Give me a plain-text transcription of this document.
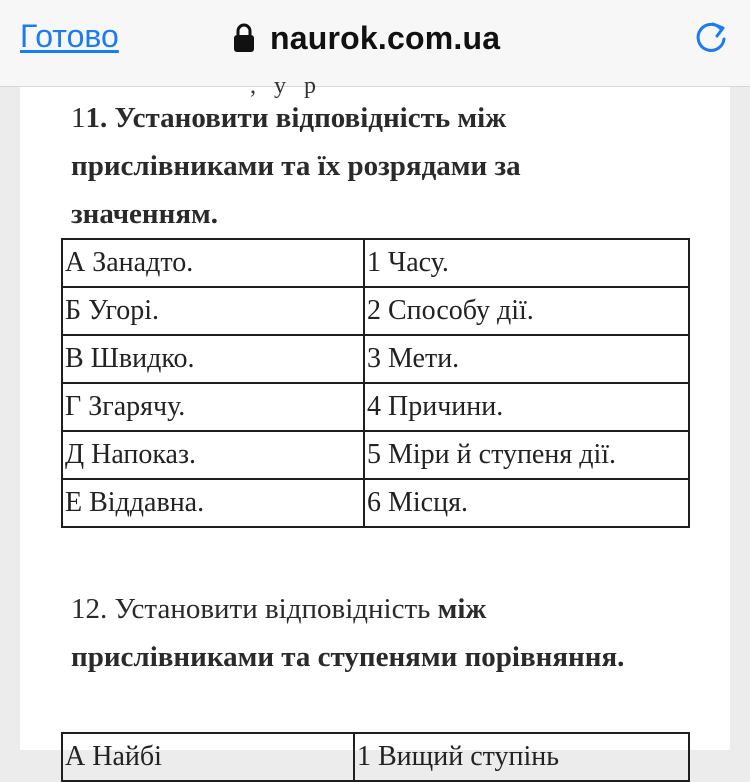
Готово	naurok.com.ua
, у р
11. Установити відповідність між прислівниками та їх розрядами за значенням.
А Занадто.	1 Часу.
Б Угорі.	2 Способу дії.
В Швидко.	3 Мети.
Г Згарячу.	4 Причини.
Д Напоказ.	5 Міри й ступеня дії.
Е Віддавна.	6 Місця.
12. Установити відповідність між прислівниками та ступенями порівняння.
А Найбі	1 Вищий ступінь
